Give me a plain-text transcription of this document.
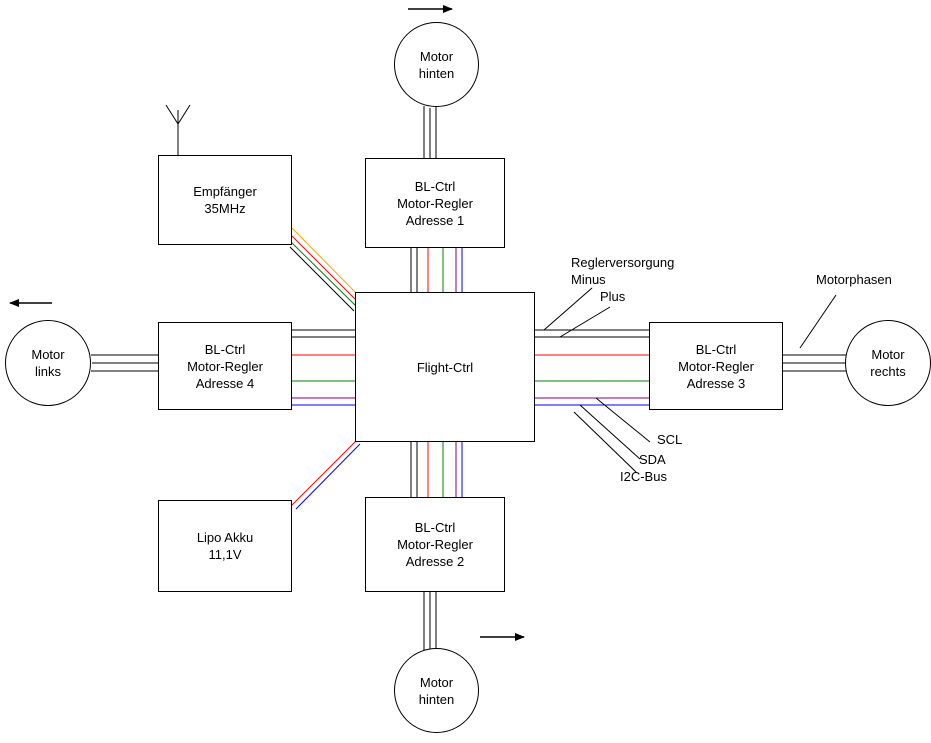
Motor
hinten
BL-Ctrl
Motor-Regler
Adresse 1
Empfänger
35MHz
Motor
links
BL-Ctrl
Motor-Regler
Adresse 4
Flight-Ctrl
BL-Ctrl
Motor-Regler
Adresse 3
Motor
rechts
Lipo Akku
11,1V
BL-Ctrl
Motor-Regler
Adresse 2
Motor
hinten
Reglerversorgung
Minus
Plus
Motorphasen
SCL
SDA
I2C-Bus
